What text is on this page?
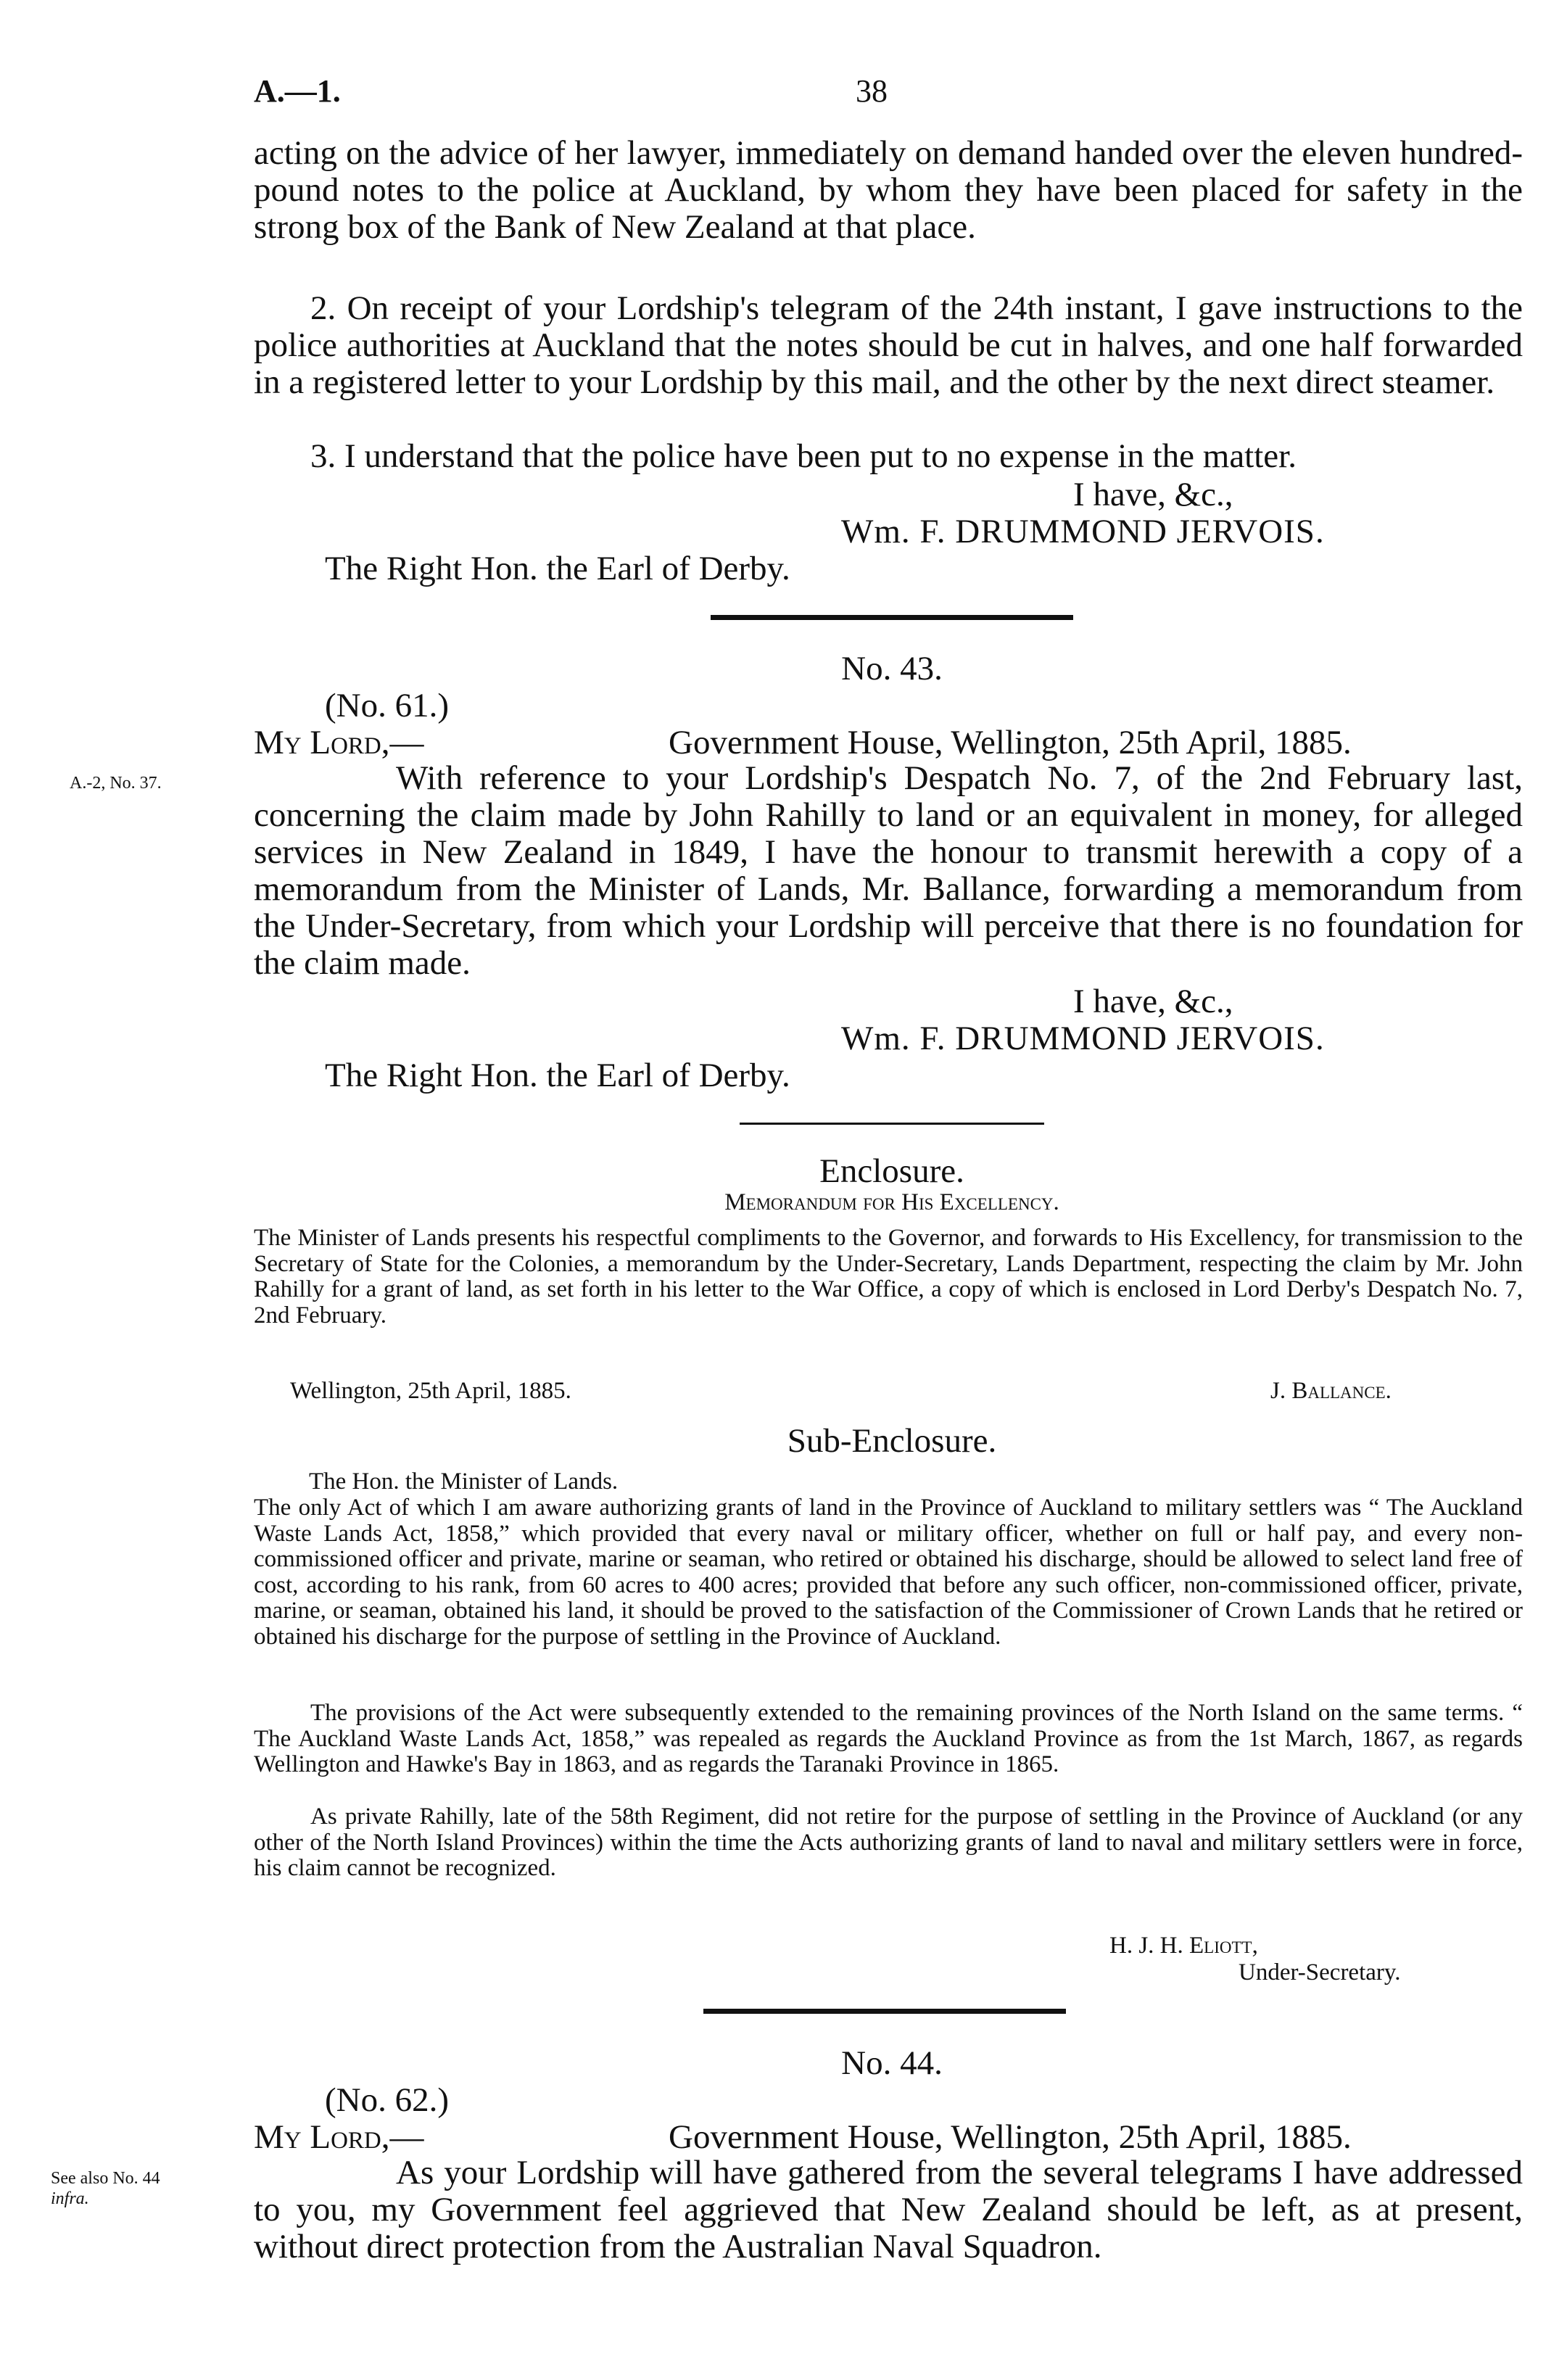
A.—1.	38
acting on the advice of her lawyer, immediately on demand handed over the eleven hundred-pound notes to the police at Auckland, by whom they have been placed for safety in the strong box of the Bank of New Zealand at that place.
2. On receipt of your Lordship's telegram of the 24th instant, I gave instructions to the police authorities at Auckland that the notes should be cut in halves, and one half forwarded in a registered letter to your Lordship by this mail, and the other by the next direct steamer.
3. I understand that the police have been put to no expense in the matter.
I have, &c.,
Wm. F. DRUMMOND JERVOIS.
The Right Hon. the Earl of Derby.
No. 43.
(No. 61.)
My Lord,—	Government House, Wellington, 25th April, 1885.
A.-2, No. 37.	With reference to your Lordship's Despatch No. 7, of the 2nd February last, concerning the claim made by John Rahilly to land or an equivalent in money, for alleged services in New Zealand in 1849, I have the honour to transmit herewith a copy of a memorandum from the Minister of Lands, Mr. Ballance, forwarding a memorandum from the Under-Secretary, from which your Lordship will perceive that there is no foundation for the claim made.
I have, &c.,
Wm. F. DRUMMOND JERVOIS.
The Right Hon. the Earl of Derby.
Enclosure.
Memorandum for His Excellency.
The Minister of Lands presents his respectful compliments to the Governor, and forwards to His Excellency, for transmission to the Secretary of State for the Colonies, a memorandum by the Under-Secretary, Lands Department, respecting the claim by Mr. John Rahilly for a grant of land, as set forth in his letter to the War Office, a copy of which is enclosed in Lord Derby's Despatch No. 7, 2nd February.
Wellington, 25th April, 1885.	J. Ballance.
Sub-Enclosure.
The Hon. the Minister of Lands.
The only Act of which I am aware authorizing grants of land in the Province of Auckland to military settlers was “ The Auckland Waste Lands Act, 1858,” which provided that every naval or military officer, whether on full or half pay, and every non-commissioned officer and private, marine or seaman, who retired or obtained his discharge, should be allowed to select land free of cost, according to his rank, from 60 acres to 400 acres; provided that before any such officer, non-commissioned officer, private, marine, or seaman, obtained his land, it should be proved to the satisfaction of the Commissioner of Crown Lands that he retired or obtained his discharge for the purpose of settling in the Province of Auckland.
The provisions of the Act were subsequently extended to the remaining provinces of the North Island on the same terms. “ The Auckland Waste Lands Act, 1858,” was repealed as regards the Auckland Province as from the 1st March, 1867, as regards Wellington and Hawke's Bay in 1863, and as regards the Taranaki Province in 1865.
As private Rahilly, late of the 58th Regiment, did not retire for the purpose of settling in the Province of Auckland (or any other of the North Island Provinces) within the time the Acts authorizing grants of land to naval and military settlers were in force, his claim cannot be recognized.
H. J. H. Eliott,
Under-Secretary.
No. 44.
(No. 62.)
My Lord,—	Government House, Wellington, 25th April, 1885.
See also No. 44
infra.
As your Lordship will have gathered from the several telegrams I have addressed to you, my Government feel aggrieved that New Zealand should be left, as at present, without direct protection from the Australian Naval Squadron.
